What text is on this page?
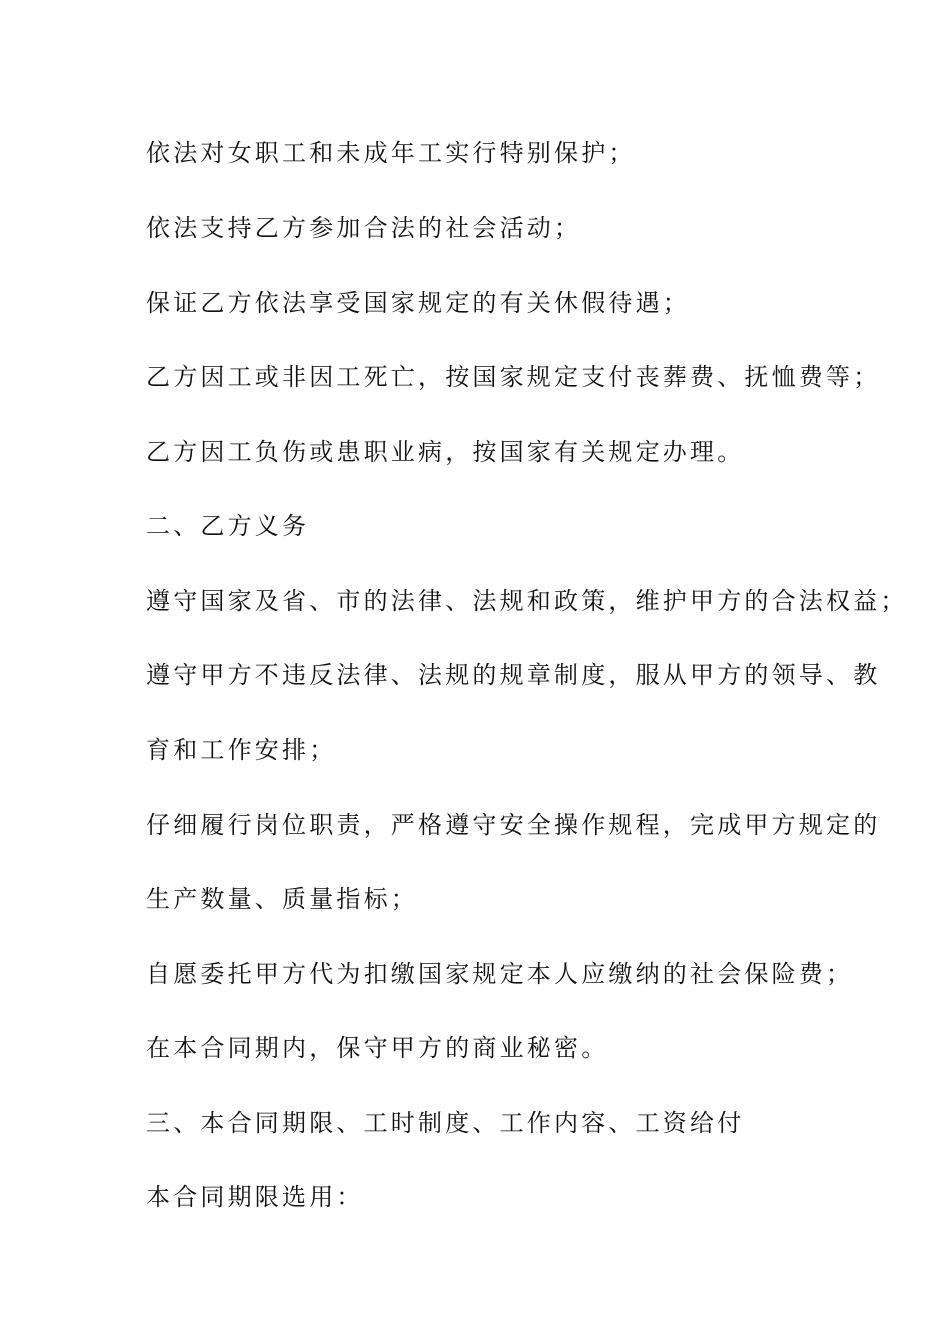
依法对女职工和未成年工实行特别保护；
依法支持乙方参加合法的社会活动；
保证乙方依法享受国家规定的有关休假待遇；
乙方因工或非因工死亡，按国家规定支付丧葬费、抚恤费等；
乙方因工负伤或患职业病，按国家有关规定办理。
二、乙方义务
遵守国家及省、市的法律、法规和政策，维护甲方的合法权益；
遵守甲方不违反法律、法规的规章制度，服从甲方的领导、教
育和工作安排；
仔细履行岗位职责，严格遵守安全操作规程，完成甲方规定的
生产数量、质量指标；
自愿委托甲方代为扣缴国家规定本人应缴纳的社会保险费；
在本合同期内，保守甲方的商业秘密。
三、本合同期限、工时制度、工作内容、工资给付
本合同期限选用：
